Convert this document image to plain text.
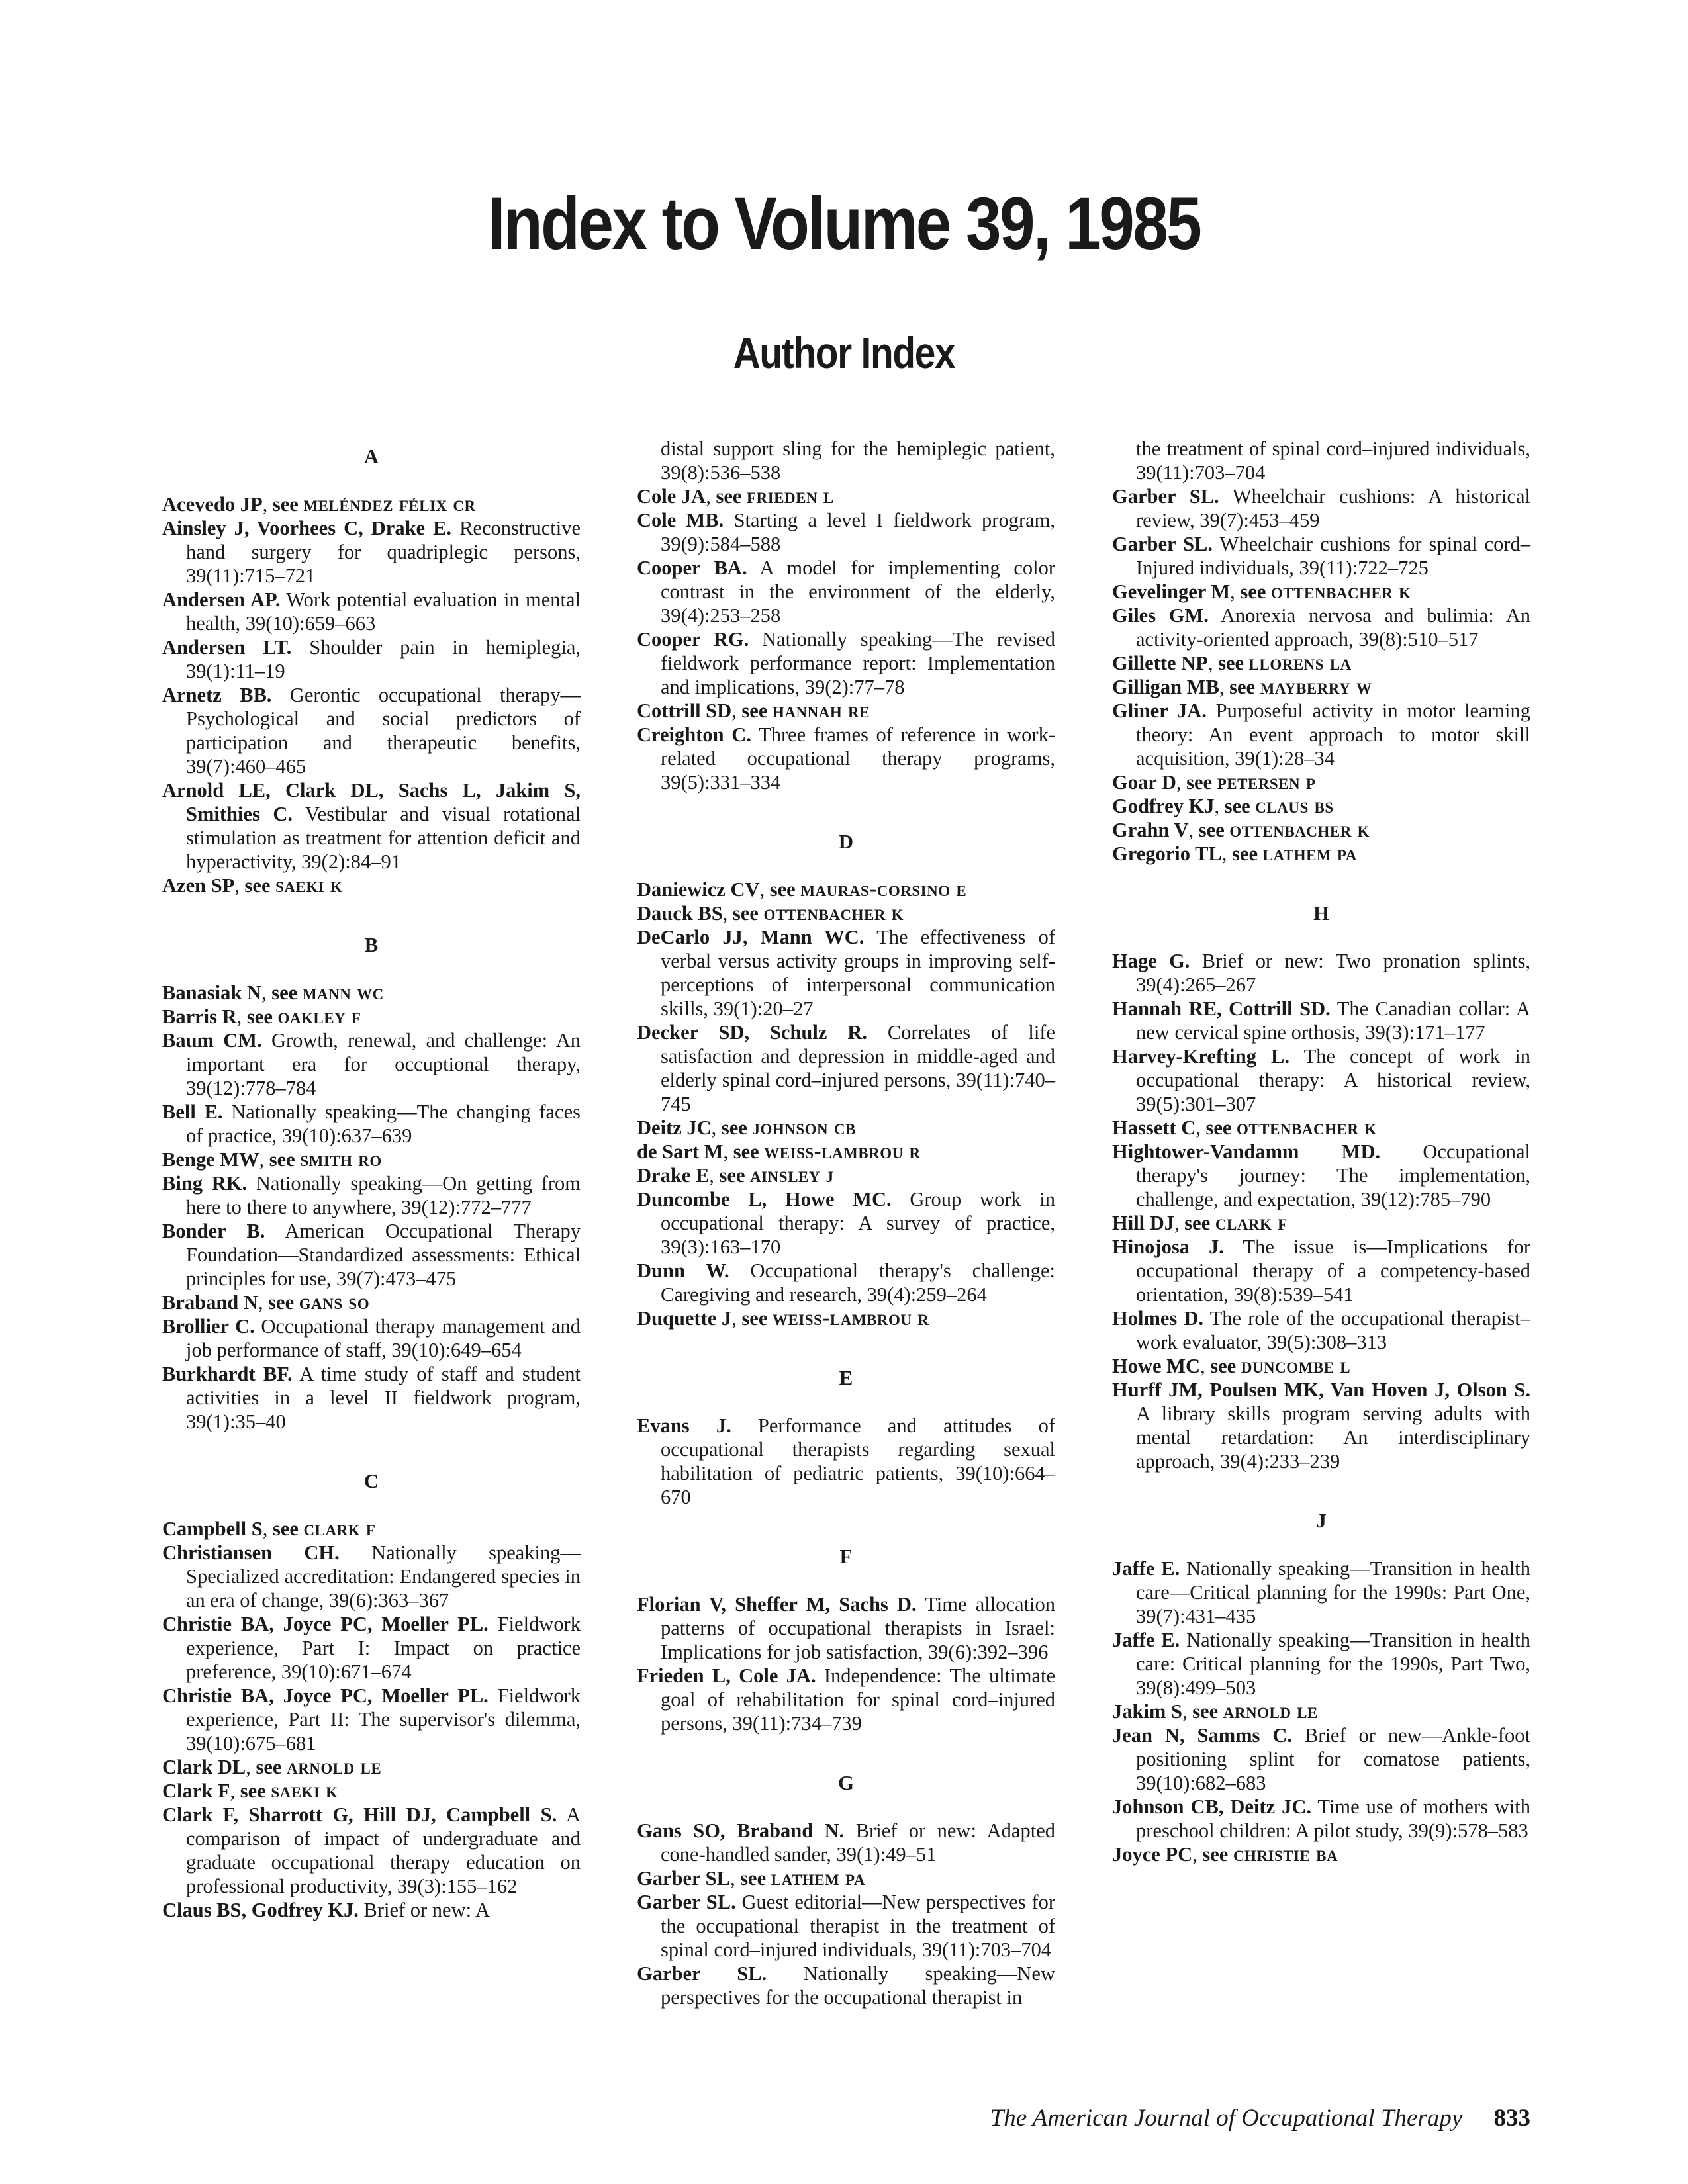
Index to Volume 39, 1985
Author Index
A
Acevedo JP, see meléndez félix cr
Ainsley J, Voorhees C, Drake E. Reconstructive hand surgery for quadriplegic persons, 39(11):715–721
Andersen AP. Work potential evaluation in mental health, 39(10):659–663
Andersen LT. Shoulder pain in hemiplegia, 39(1):11–19
Arnetz BB. Gerontic occupational therapy—Psychological and social predictors of participation and therapeutic benefits, 39(7):460–465
Arnold LE, Clark DL, Sachs L, Jakim S, Smithies C. Vestibular and visual rotational stimulation as treatment for attention deficit and hyperactivity, 39(2):84–91
Azen SP, see saeki k
B
Banasiak N, see mann wc
Barris R, see oakley f
Baum CM. Growth, renewal, and challenge: An important era for occuptional therapy, 39(12):778–784
Bell E. Nationally speaking—The changing faces of practice, 39(10):637–639
Benge MW, see smith ro
Bing RK. Nationally speaking—On getting from here to there to anywhere, 39(12):772–777
Bonder B. American Occupational Therapy Foundation—Standardized assessments: Ethical principles for use, 39(7):473–475
Braband N, see gans so
Brollier C. Occupational therapy management and job performance of staff, 39(10):649–654
Burkhardt BF. A time study of staff and student activities in a level II fieldwork program, 39(1):35–40
C
Campbell S, see clark f
Christiansen CH. Nationally speaking—Specialized accreditation: Endangered species in an era of change, 39(6):363–367
Christie BA, Joyce PC, Moeller PL. Fieldwork experience, Part I: Impact on practice preference, 39(10):671–674
Christie BA, Joyce PC, Moeller PL. Fieldwork experience, Part II: The supervisor's dilemma, 39(10):675–681
Clark DL, see arnold le
Clark F, see saeki k
Clark F, Sharrott G, Hill DJ, Campbell S. A comparison of impact of undergraduate and graduate occupational therapy education on professional productivity, 39(3):155–162
Claus BS, Godfrey KJ. Brief or new: A
distal support sling for the hemiplegic patient, 39(8):536–538
Cole JA, see frieden l
Cole MB. Starting a level I fieldwork program, 39(9):584–588
Cooper BA. A model for implementing color contrast in the environment of the elderly, 39(4):253–258
Cooper RG. Nationally speaking—The revised fieldwork performance report: Implementation and implications, 39(2):77–78
Cottrill SD, see hannah re
Creighton C. Three frames of reference in work-related occupational therapy programs, 39(5):331–334
D
Daniewicz CV, see mauras-corsino e
Dauck BS, see ottenbacher k
DeCarlo JJ, Mann WC. The effectiveness of verbal versus activity groups in improving self-perceptions of interpersonal communication skills, 39(1):20–27
Decker SD, Schulz R. Correlates of life satisfaction and depression in middle-aged and elderly spinal cord–injured persons, 39(11):740–745
Deitz JC, see johnson cb
de Sart M, see weiss-lambrou r
Drake E, see ainsley j
Duncombe L, Howe MC. Group work in occupational therapy: A survey of practice, 39(3):163–170
Dunn W. Occupational therapy's challenge: Caregiving and research, 39(4):259–264
Duquette J, see weiss-lambrou r
E
Evans J. Performance and attitudes of occupational therapists regarding sexual habilitation of pediatric patients, 39(10):664–670
F
Florian V, Sheffer M, Sachs D. Time allocation patterns of occupational therapists in Israel: Implications for job satisfaction, 39(6):392–396
Frieden L, Cole JA. Independence: The ultimate goal of rehabilitation for spinal cord–injured persons, 39(11):734–739
G
Gans SO, Braband N. Brief or new: Adapted cone-handled sander, 39(1):49–51
Garber SL, see lathem pa
Garber SL. Guest editorial—New perspectives for the occupational therapist in the treatment of spinal cord–injured individuals, 39(11):703–704
Garber SL. Nationally speaking—New perspectives for the occupational therapist in
the treatment of spinal cord–injured individuals, 39(11):703–704
Garber SL. Wheelchair cushions: A historical review, 39(7):453–459
Garber SL. Wheelchair cushions for spinal cord–Injured individuals, 39(11):722–725
Gevelinger M, see ottenbacher k
Giles GM. Anorexia nervosa and bulimia: An activity-oriented approach, 39(8):510–517
Gillette NP, see llorens la
Gilligan MB, see mayberry w
Gliner JA. Purposeful activity in motor learning theory: An event approach to motor skill acquisition, 39(1):28–34
Goar D, see petersen p
Godfrey KJ, see claus bs
Grahn V, see ottenbacher k
Gregorio TL, see lathem pa
H
Hage G. Brief or new: Two pronation splints, 39(4):265–267
Hannah RE, Cottrill SD. The Canadian collar: A new cervical spine orthosis, 39(3):171–177
Harvey-Krefting L. The concept of work in occupational therapy: A historical review, 39(5):301–307
Hassett C, see ottenbacher k
Hightower-Vandamm MD. Occupational therapy's journey: The implementation, challenge, and expectation, 39(12):785–790
Hill DJ, see clark f
Hinojosa J. The issue is—Implications for occupational therapy of a competency-based orientation, 39(8):539–541
Holmes D. The role of the occupational therapist–work evaluator, 39(5):308–313
Howe MC, see duncombe l
Hurff JM, Poulsen MK, Van Hoven J, Olson S. A library skills program serving adults with mental retardation: An interdisciplinary approach, 39(4):233–239
J
Jaffe E. Nationally speaking—Transition in health care—Critical planning for the 1990s: Part One, 39(7):431–435
Jaffe E. Nationally speaking—Transition in health care: Critical planning for the 1990s, Part Two, 39(8):499–503
Jakim S, see arnold le
Jean N, Samms C. Brief or new—Ankle-foot positioning splint for comatose patients, 39(10):682–683
Johnson CB, Deitz JC. Time use of mothers with preschool children: A pilot study, 39(9):578–583
Joyce PC, see christie ba
The American Journal of Occupational Therapy 833
